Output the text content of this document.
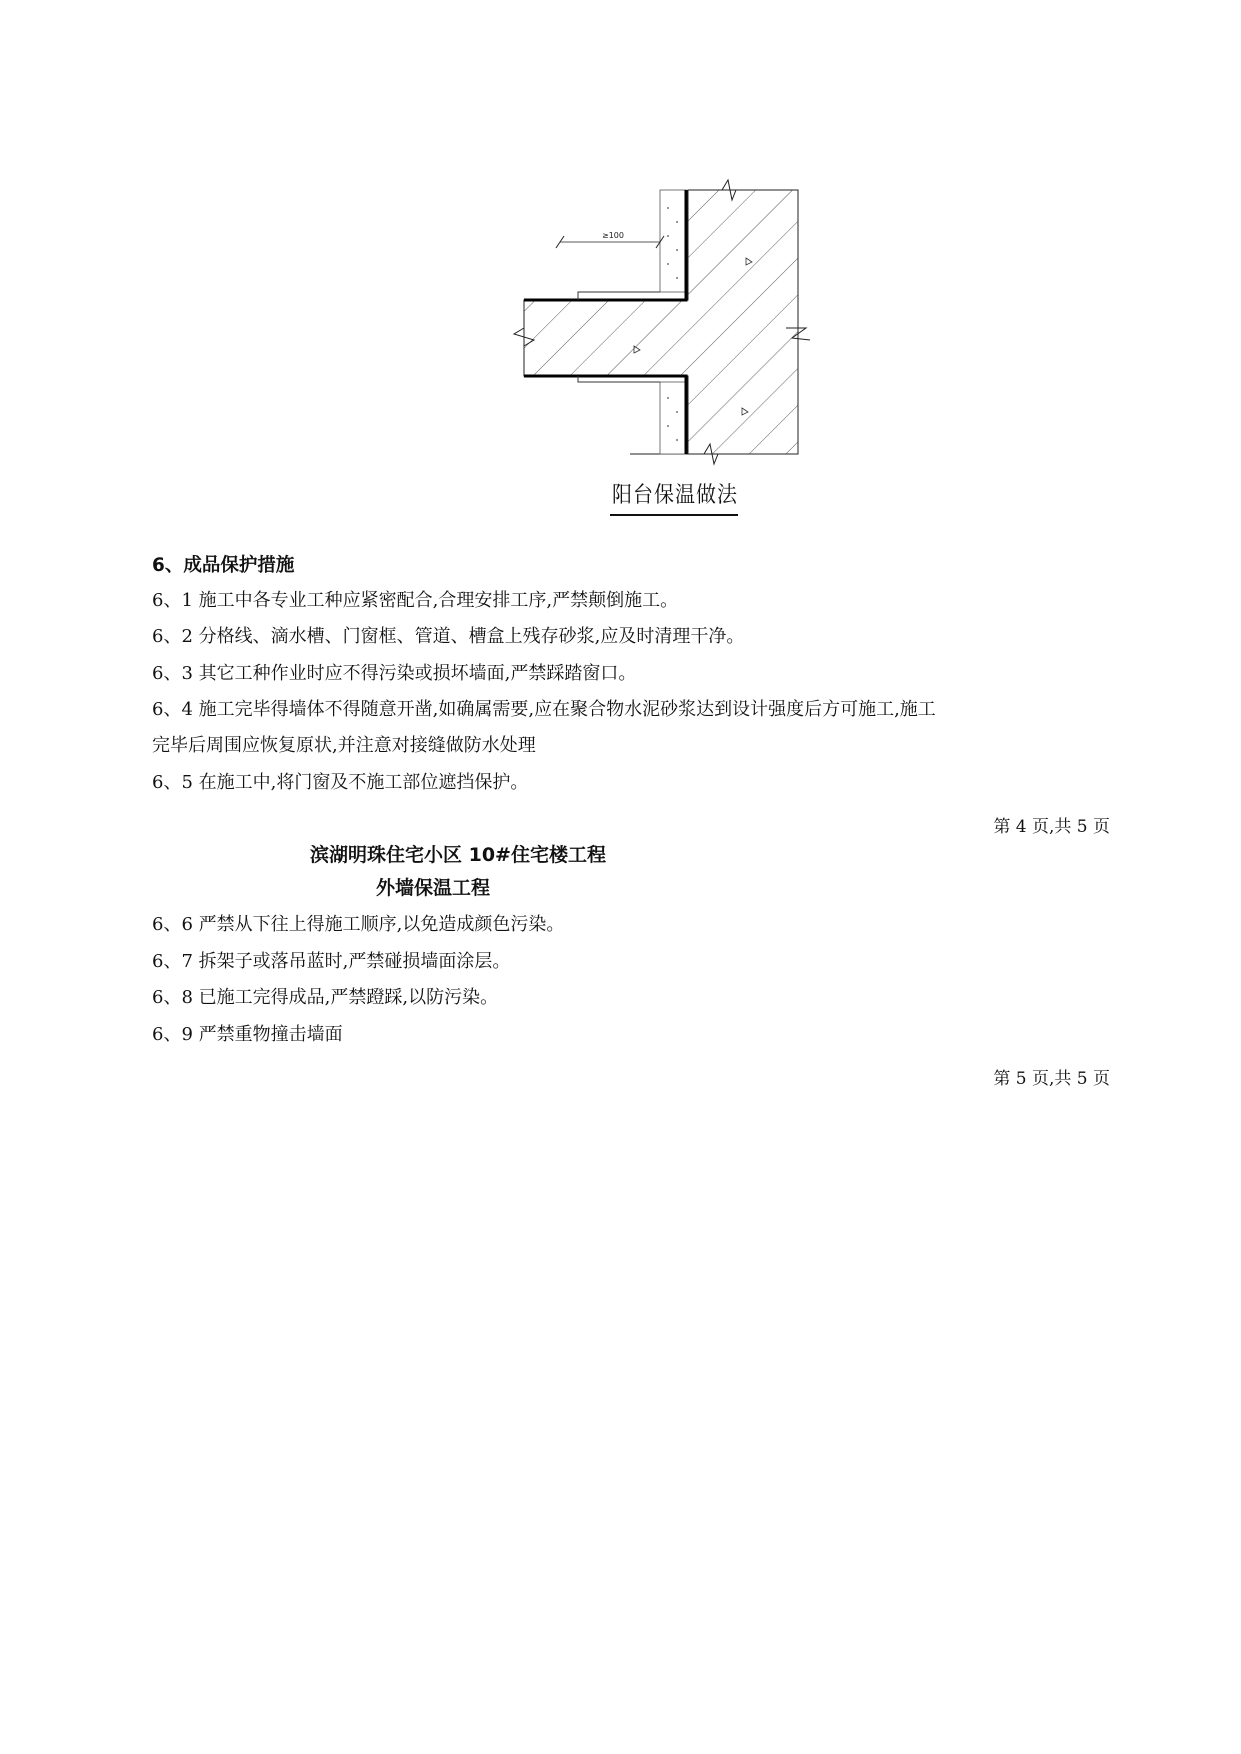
≥100
阳台保温做法
6、成品保护措施
6、1 施工中各专业工种应紧密配合,合理安排工序,严禁颠倒施工。
6、2 分格线、滴水槽、门窗框、管道、槽盒上残存砂浆,应及时清理干净。
6、3 其它工种作业时应不得污染或损坏墙面,严禁踩踏窗口。
6、4 施工完毕得墙体不得随意开凿,如确属需要,应在聚合物水泥砂浆达到设计强度后方可施工,施工
完毕后周围应恢复原状,并注意对接缝做防水处理
6、5 在施工中,将门窗及不施工部位遮挡保护。
第 4 页,共 5 页
滨湖明珠住宅小区 10#住宅楼工程
外墙保温工程
6、6 严禁从下往上得施工顺序,以免造成颜色污染。
6、7 拆架子或落吊蓝时,严禁碰损墙面涂层。
6、8 已施工完得成品,严禁蹬踩,以防污染。
6、9 严禁重物撞击墙面
第 5 页,共 5 页
